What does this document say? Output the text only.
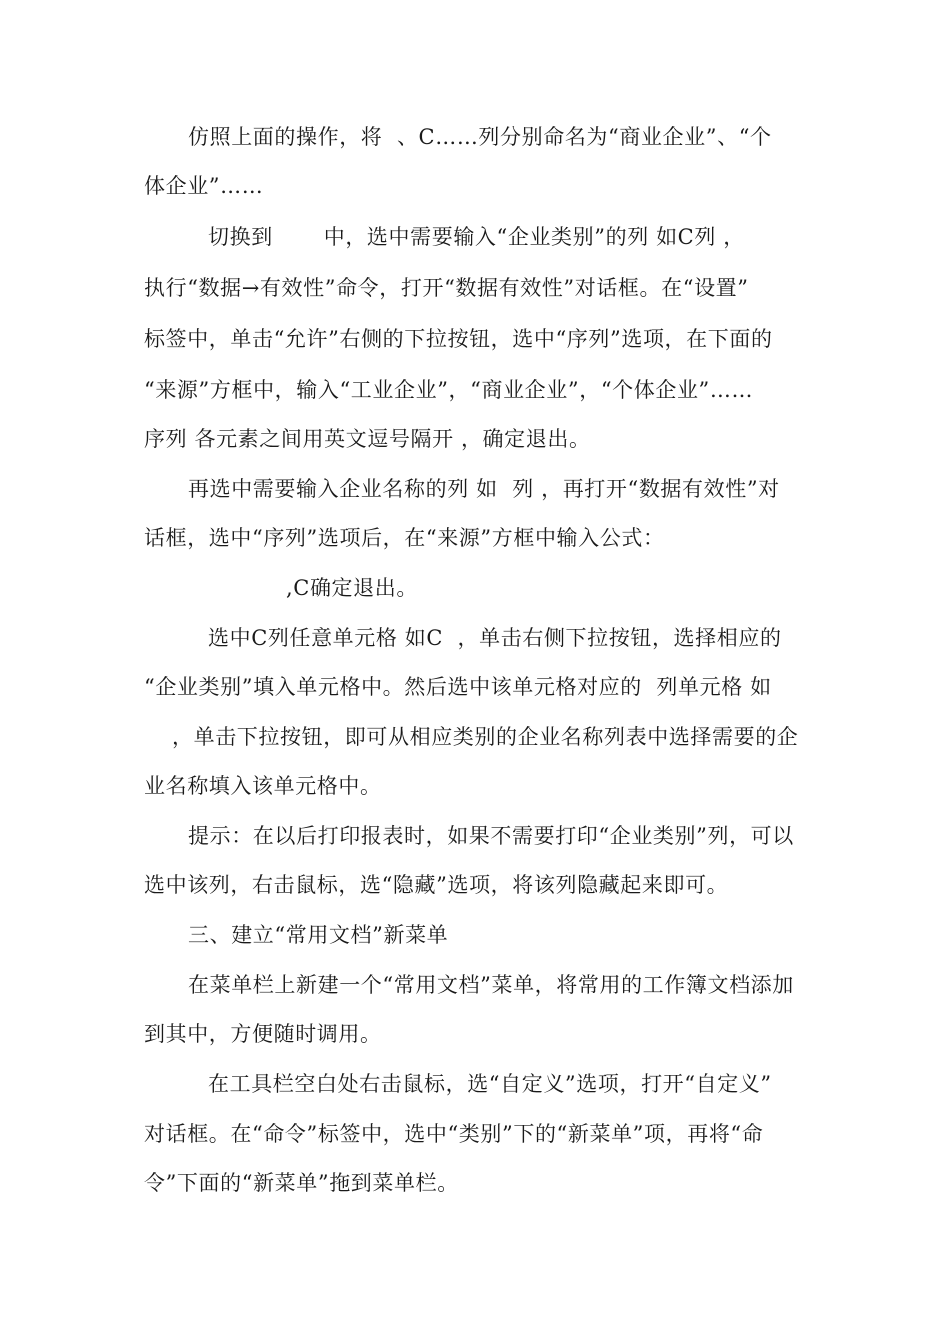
仿照上面的操作，将  、C……列分别命名为“商业企业”、“个
体企业”……
切换到       中，选中需要输入“企业类别”的列 如C列 ，
执行“数据→有效性”命令，打开“数据有效性”对话框。在“设置”
标签中，单击“允许”右侧的下拉按钮，选中“序列”选项，在下面的
“来源”方框中，输入“工业企业”，“商业企业”，“个体企业”……
序列 各元素之间用英文逗号隔开 ，确定退出。
再选中需要输入企业名称的列 如  列 ，再打开“数据有效性”对
话框，选中“序列”选项后，在“来源”方框中输入公式：
,C确定退出。
选中C列任意单元格 如C  ，单击右侧下拉按钮，选择相应的
“企业类别”填入单元格中。然后选中该单元格对应的  列单元格 如
，单击下拉按钮，即可从相应类别的企业名称列表中选择需要的企
业名称填入该单元格中。
提示：在以后打印报表时，如果不需要打印“企业类别”列，可以
选中该列，右击鼠标，选“隐藏”选项，将该列隐藏起来即可。
三、建立“常用文档”新菜单
在菜单栏上新建一个“常用文档”菜单，将常用的工作簿文档添加
到其中，方便随时调用。
在工具栏空白处右击鼠标，选“自定义”选项，打开“自定义”
对话框。在“命令”标签中，选中“类别”下的“新菜单”项，再将“命
令”下面的“新菜单”拖到菜单栏。
